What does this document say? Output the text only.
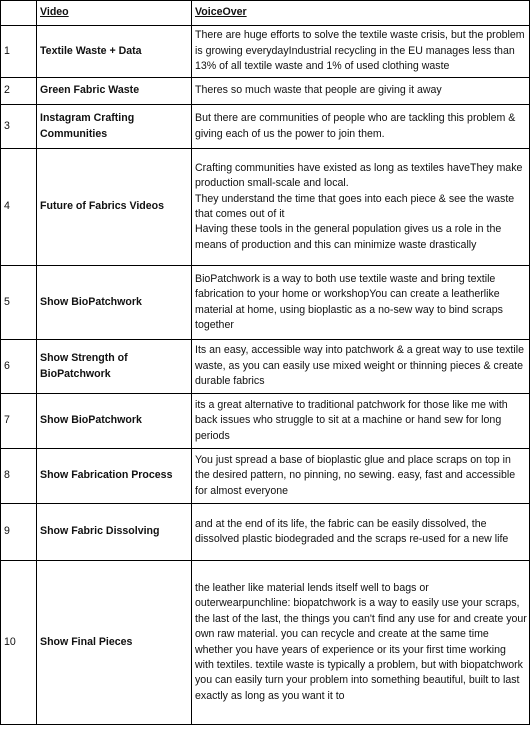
	Video	VoiceOver
1	Textile Waste + Data	There are huge efforts to solve the textile waste crisis, but the problem is growing everydayIndustrial recycling in the EU manages less than 13% of all textile waste and 1% of used clothing waste
2	Green Fabric Waste	Theres so much waste that people are giving it away
3	Instagram Crafting Communities	But there are communities of people who are tackling this problem & giving each of us the power to join them.
4	Future of Fabrics Videos	Crafting communities have existed as long as textiles haveThey make production small-scale and local.
They understand the time that goes into each piece & see the waste that comes out of it
Having these tools in the general population gives us a role in the means of production and this can minimize waste drastically
5	Show BioPatchwork	BioPatchwork is a way to both use textile waste and bring textile fabrication to your home or workshopYou can create a leatherlike material at home, using bioplastic as a no-sew way to bind scraps together
6	Show Strength of BioPatchwork	Its an easy, accessible way into patchwork & a great way to use textile waste, as you can easily use mixed weight or thinning pieces & create durable fabrics
7	Show BioPatchwork	its a great alternative to traditional patchwork for those like me with back issues who struggle to sit at a machine or hand sew for long periods
8	Show Fabrication Process	You just spread a base of bioplastic glue and place scraps on top in the desired pattern, no pinning, no sewing. easy, fast and accessible for almost everyone
9	Show Fabric Dissolving	and at the end of its life, the fabric can be easily dissolved, the dissolved plastic biodegraded and the scraps re-used for a new life
10	Show Final Pieces	the leather like material lends itself well to bags or outerwearpunchline: biopatchwork is a way to easily use your scraps, the last of the last, the things you can't find any use for and create your own raw material. you can recycle and create at the same time whether you have years of experience or its your first time working with textiles. textile waste is typically a problem, but with biopatchwork you can easily turn your problem into something beautiful, built to last exactly as long as you want it to
